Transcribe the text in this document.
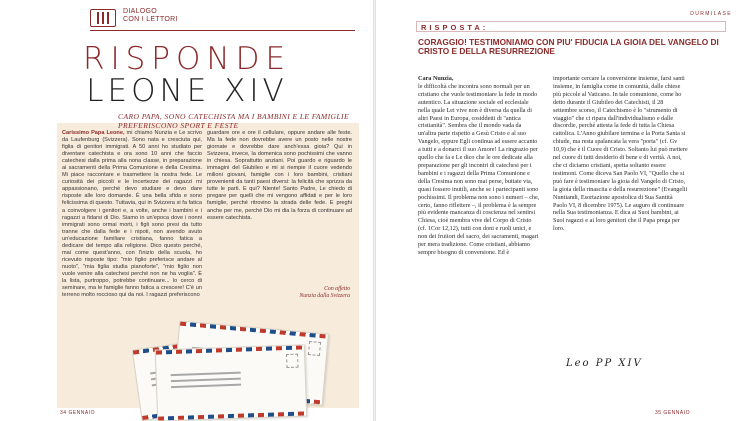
DIALOGO
CON I LETTORI
RISPONDE
LEONE XIV
CARO PAPA, SONO CATECHISTA MA I BAMBINI E LE FAMIGLIE PREFERISCONO SPORT E FESTE

Carissimo Papa Leone, mi chiamo Nunzia e Le scrivo da Laufenburg (Svizzera). Sono nata e cresciuta qui, figlia di genitori immigrati. A 50 anni ho studiato per diventare catechista e ora sono 10 anni che faccio catechesi dalla prima alla nona classe, in preparazione ai sacramenti della Prima Comunione e della Cresima. Mi piace raccontare e trasmettere la nostra fede. Le curiosità dei piccoli e le incertezze dei ragazzi mi appassionano, perché devo studiare e devo dare risposte alle loro domande. È una bella sfida e sono felicissima di questo. Tuttavia, qui in Svizzera si fa fatica a coinvolgere i genitori e, a volte, anche i bambini e i ragazzi a fidarsi di Dio. Siamo in un'epoca dove i nonni immigrati sono ormai morti, i figli sono presi da tutto tranne che dalla fede e i nipoti, non avendo avuto un'educazione familiare cristiana, fanno fatica a dedicare del tempo alla religione. Dico questo perché, mai come quest'anno, con l'inizio della scuola, ho ricevuto risposte tipo: "mio figlio preferisce andare al nuoto", "mia figlia studia pianoforte", "mio figlio non vuole venire alla catechesi perché non ne ha voglia". È la lista, purtroppo, potrebbe continuare... lo cerco di seminare, ma le famiglie fanno fatica a crescere! C'è un terreno molto roccioso qui da noi. I ragazzi preferiscono

guardare ore e ore il cellulare, oppure andare alle feste. Ma la fede non dovrebbe avere un posto nelle nostre giornate e dovrebbe dare anch'essa gioia? Qui in Svizzera, invece, la domenica sono pochissimi che vanno in chiesa. Soprattutto anziani. Poi guardo e riguardo le immagini del Giubileo e mi si riempie il cuore vedendo milioni giovani, famiglie con i loro bambini, cristiani provenienti da tanti paesi diversi: la felicità che sprizza da tutte le parti. E qui? Niente! Santo Padre, Le chiedo di pregare per quelli che mi vengono affidati e per le loro famiglie, perché ritrovino la strada delle fede. E preghi anche per me, perché Dio mi dia la forza di continuare ad essere catechista.

Con affetto
Nunzia dalla Svizzera
34 GENNAIO
DURMILASE
RISPOSTA:
CORAGGIO! TESTIMONIAMO CON PIU' FIDUCIA LA GIOIA DEL VANGELO DI CRISTO E DELLA RESURREZIONE

Cara Nunzia,

le difficoltà che incontra sono normali per un cristiano che vuole testimoniare la fede in modo autentico. La situazione sociale ed ecclesiale nella quale Lei vive non è diversa da quella di altri Paesi in Europa, cosiddetti di "antica cristianità". Sembra che il mondo vada da un'altra parte rispetto a Gesù Cristo e al suo Vangelo, eppure Egli continua ad essere accanto a tutti e a donarci il suo Amore! La ringrazio per quello che fa e Le dico che le ore dedicate alla preparazione per gli incontri di catechesi per i bambini e i ragazzi della Prima Comunione e della Cresima non sono mai perse, buttate via, quasi fossero inutili, anche se i partecipanti sono pochissimi. Il problema non sono i numeri – che, certo, fanno riflettere –, il problema è la sempre più evidente mancanza di coscienza nel sentirsi Chiesa, cioè membra vive del Corpo di Cristo (cf. 1Cor 12,12), tutti con doni e ruoli unici, e non dei fruitori del sacro, dei sacramenti, magari per mera tradizione. Come cristiani, abbiamo sempre bisogno di conversione. Ed è

importante cercare la conversione insieme, farsi santi insieme, in famiglia come in comunità, dalle chiese più piccole al Vaticano. In tale comunione, come ho detto durante il Giubileo dei Catechisti, il 28 settembre scorso, il Catechismo è lo "strumento di viaggio" che ci ripara dall'individualismo e dalle discordie, perché attesta la fede di tutta la Chiesa cattolica. L'Anno giubilare termina e la Porta Santa si chiude, ma resta spalancata la vera "porta" (cf. Gv 10,9) che è il Cuore di Cristo. Soltanto lui può mettere nel cuore di tutti desiderio di bene e di verità. A noi, che ci diciamo cristiani, spetta soltanto essere testimoni. Come diceva San Paolo VI, "Quello che si può fare è testimoniare la gioia del Vangelo di Cristo, la gioia della rinascita e della resurrezione" (Evangelii Nuntiandi, Esortazione apostolica di Sua Santità Paolo VI, 8 dicembre 1975). Le auguro di continuare nella Sua testimonianza. E dica ai Suoi bambini, ai Suoi ragazzi e ai loro genitori che il Papa prega per loro.

Leo PP XIV
35 GENNAIO
